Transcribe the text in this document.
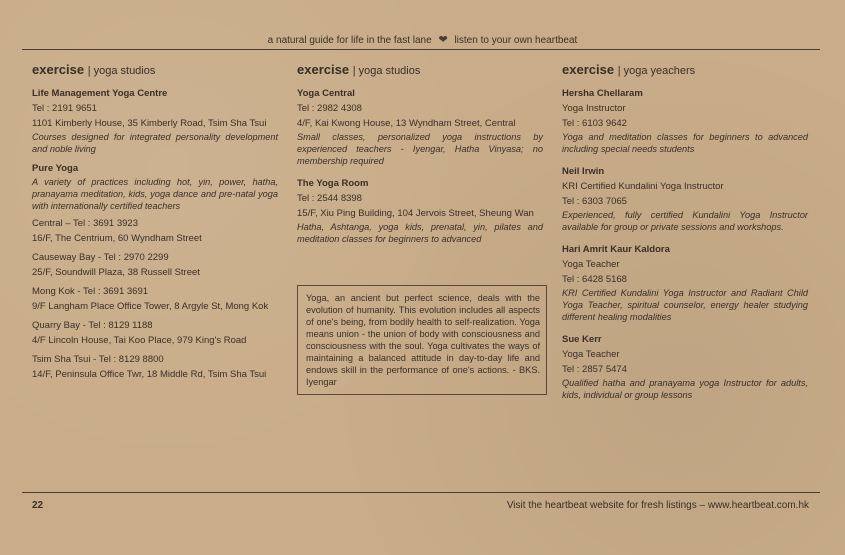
a natural guide for life in the fast lane ❤ listen to your own heartbeat
exercise | yoga studios
Life Management Yoga Centre
Tel : 2191 9651
1101 Kimberly House, 35 Kimberly Road, Tsim Sha Tsui
Courses designed for integrated personality development and noble living
Pure Yoga
A variety of practices including hot, yin, power, hatha, pranayama meditation, kids, yoga dance and pre-natal yoga with internationally certified teachers
Central – Tel : 3691 3923
16/F, The Centrium, 60 Wyndham Street
Causeway Bay - Tel : 2970 2299
25/F, Soundwill Plaza, 38 Russell Street
Mong Kok - Tel : 3691 3691
9/F Langham Place Office Tower, 8 Argyle St, Mong Kok
Quarry Bay - Tel : 8129 1188
4/F Lincoln House, Tai Koo Place, 979 King's Road
Tsim Sha Tsui - Tel : 8129 8800
14/F, Peninsula Office Twr, 18 Middle Rd, Tsim Sha Tsui
exercise | yoga studios
Yoga Central
Tel : 2982 4308
4/F, Kai Kwong House, 13 Wyndham Street, Central
Small classes, personalized yoga instructions by experienced teachers - Iyengar, Hatha Vinyasa; no membership required
The Yoga Room
Tel : 2544 8398
15/F, Xiu Ping Building, 104 Jervois Street, Sheung Wan
Hatha, Ashtanga, yoga kids, prenatal, yin, pilates and meditation classes for beginners to advanced
Yoga, an ancient but perfect science, deals with the evolution of humanity. This evolution includes all aspects of one's being, from bodily health to self-realization. Yoga means union - the union of body with consciousness and consciousness with the soul. Yoga cultivates the ways of maintaining a balanced attitude in day-to-day life and endows skill in the performance of one's actions. - BKS. Iyengar
exercise | yoga yeachers
Hersha Chellaram
Yoga Instructor
Tel : 6103 9642
Yoga and meditation classes for beginners to advanced including special needs students
Neil Irwin
KRI Certified Kundalini Yoga Instructor
Tel : 6303 7065
Experienced, fully certified Kundalini Yoga Instructor available for group or private sessions and workshops.
Hari Amrit Kaur Kaldora
Yoga Teacher
Tel : 6428 5168
KRI Certified Kundalini Yoga Instructor and Radiant Child Yoga Teacher, spiritual counselor, energy healer studying different healing modalities
Sue Kerr
Yoga Teacher
Tel : 2857 5474
Qualified hatha and pranayama yoga Instructor for adults, kids, individual or group lessons
22	Visit the heartbeat website for fresh listings – www.heartbeat.com.hk
